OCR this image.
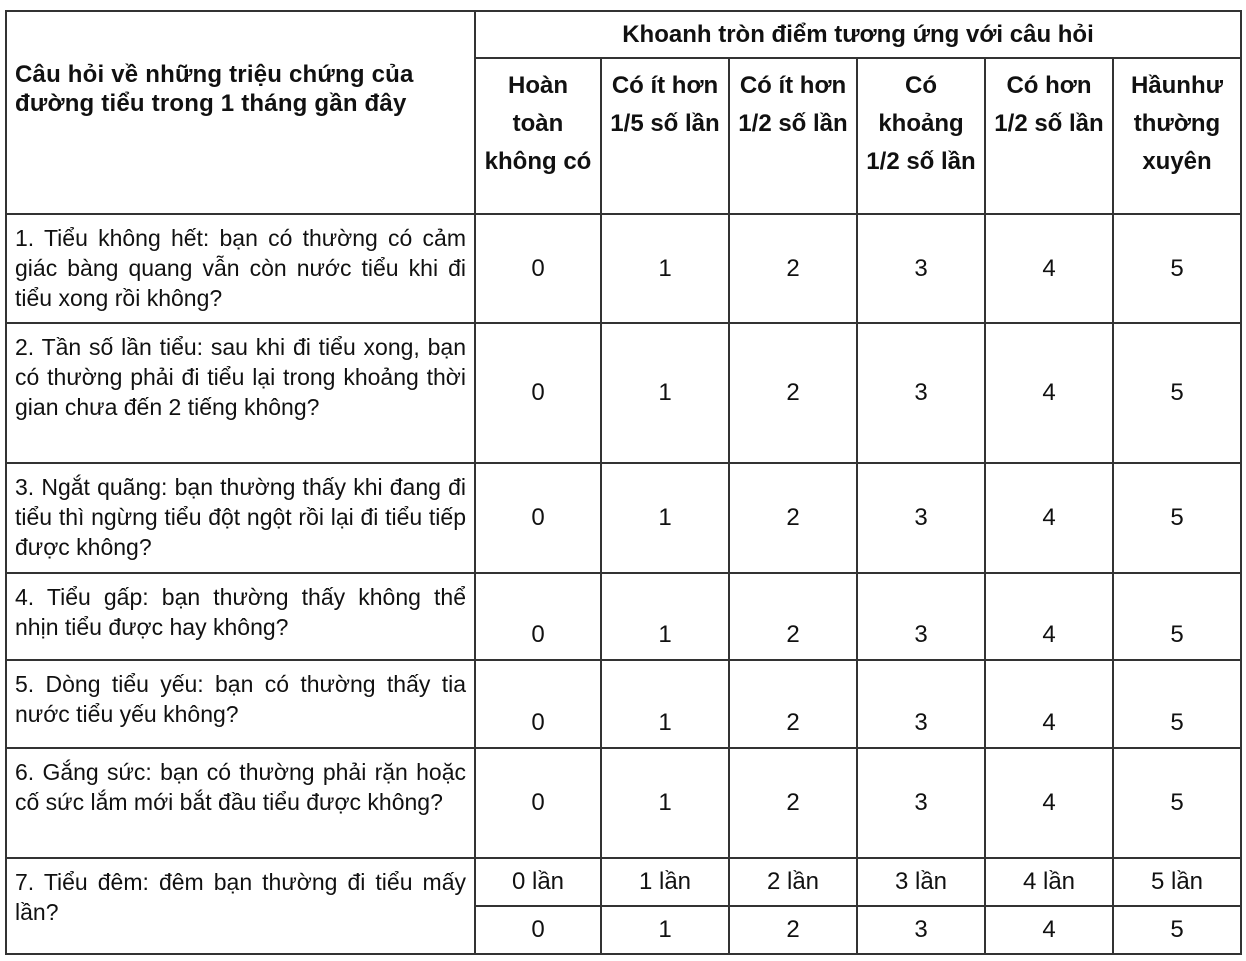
Câu hỏi về những triệu chứng của đường tiểu trong 1 tháng gần đây	Khoanh tròn điểm tương ứng với câu hỏi					
	Hoàn toàn không có	Có ít hơn 1/5 số lần	Có ít hơn 1/2 số lần	Có khoảng 1/2 số lần	Có hơn 1/2 số lần	Hầunhư thường xuyên
1. Tiểu không hết: bạn có thường có cảm giác bàng quang vẫn còn nước tiểu khi đi tiểu xong rồi không?	0	1	2	3	4	5
2. Tần số lần tiểu: sau khi đi tiểu xong, bạn có thường phải đi tiểu lại trong khoảng thời gian chưa đến 2 tiếng không?	0	1	2	3	4	5
3. Ngắt quãng: bạn thường thấy khi đang đi tiểu thì ngừng tiểu đột ngột rồi lại đi tiểu tiếp được không?	0	1	2	3	4	5
4. Tiểu gấp: bạn thường thấy không thể nhịn tiểu được hay không?	0	1	2	3	4	5
5. Dòng tiểu yếu: bạn có thường thấy tia nước tiểu yếu không?	0	1	2	3	4	5
6. Gắng sức: bạn có thường phải rặn hoặc cố sức lắm mới bắt đầu tiểu được không?	0	1	2	3	4	5
7. Tiểu đêm: đêm bạn thường đi tiểu mấy lần?	0 lần	1 lần	2 lần	3 lần	4 lần	5 lần
	0	1	2	3	4	5
